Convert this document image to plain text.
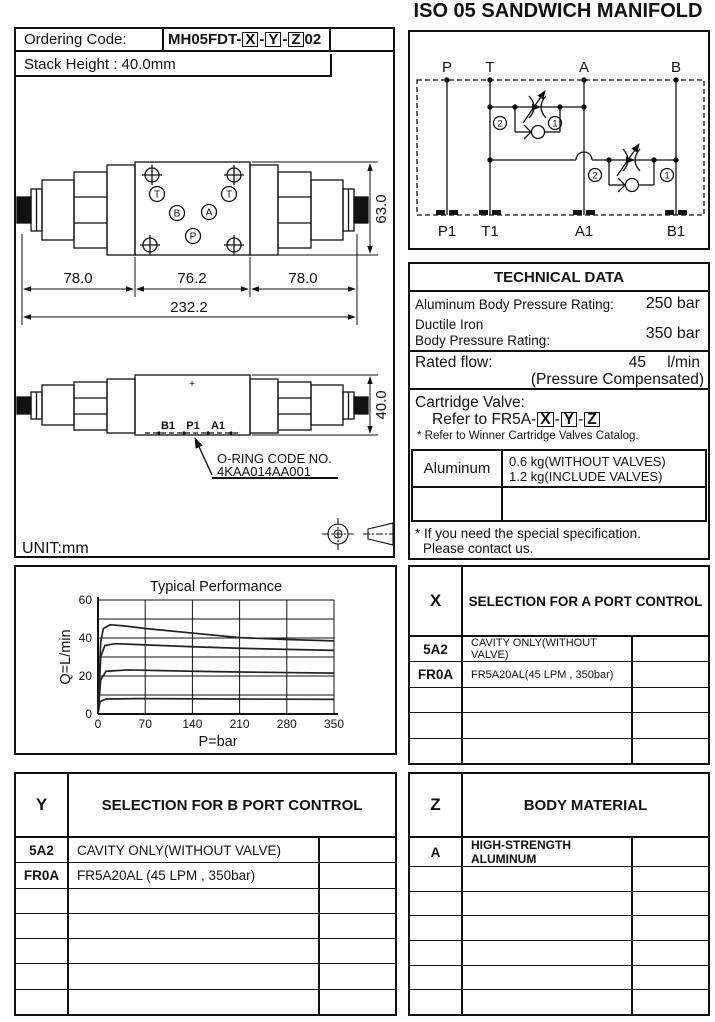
ISO 05 SANDWICH MANIFOLD
T	T
B	A
P
78.0	76.2	78.0
232.2
63.0
+
B1 P1 A1
O-RING CODE NO.
4KAA014AA001
40.0
UNIT:mm
Ordering Code:	MH05FDT- X - Y - Z 02
Stack Height : 40.0mm	P T	A	B
2	1
2	1
P1 T1	A1	B1
TECHNICAL DATA
Aluminum Body Pressure Rating: 250 bar
Ductile Iron
Body Pressure Rating:	350 bar
Rated flow:	45 l/min
(Pressure Compensated)
Cartridge Valve:
Refer to FR5A- X - Y - Z
* Refer to Winner Cartridge Valves Catalog.
Aluminum	0.6 kg(WITHOUT VALVES)
1.2 kg(INCLUDE VALVES)
* If you need the special specification.
Please contact us.
Typical Performance
Q=L/min
P=bar
0	70	140 210 280 350
0
20
40
60	X	SELECTION FOR A PORT CONTROL
5A2	CAVITY ONLY(WITHOUT VALVE)
FR0A	FR5A20AL(45 LPM , 350bar)
Y	SELECTION FOR B PORT CONTROL
5A2	CAVITY ONLY(WITHOUT VALVE)
FR0A	FR5A20AL (45 LPM , 350bar)
Z	BODY MATERIAL
A	HIGH-STRENGTH ALUMINUM
